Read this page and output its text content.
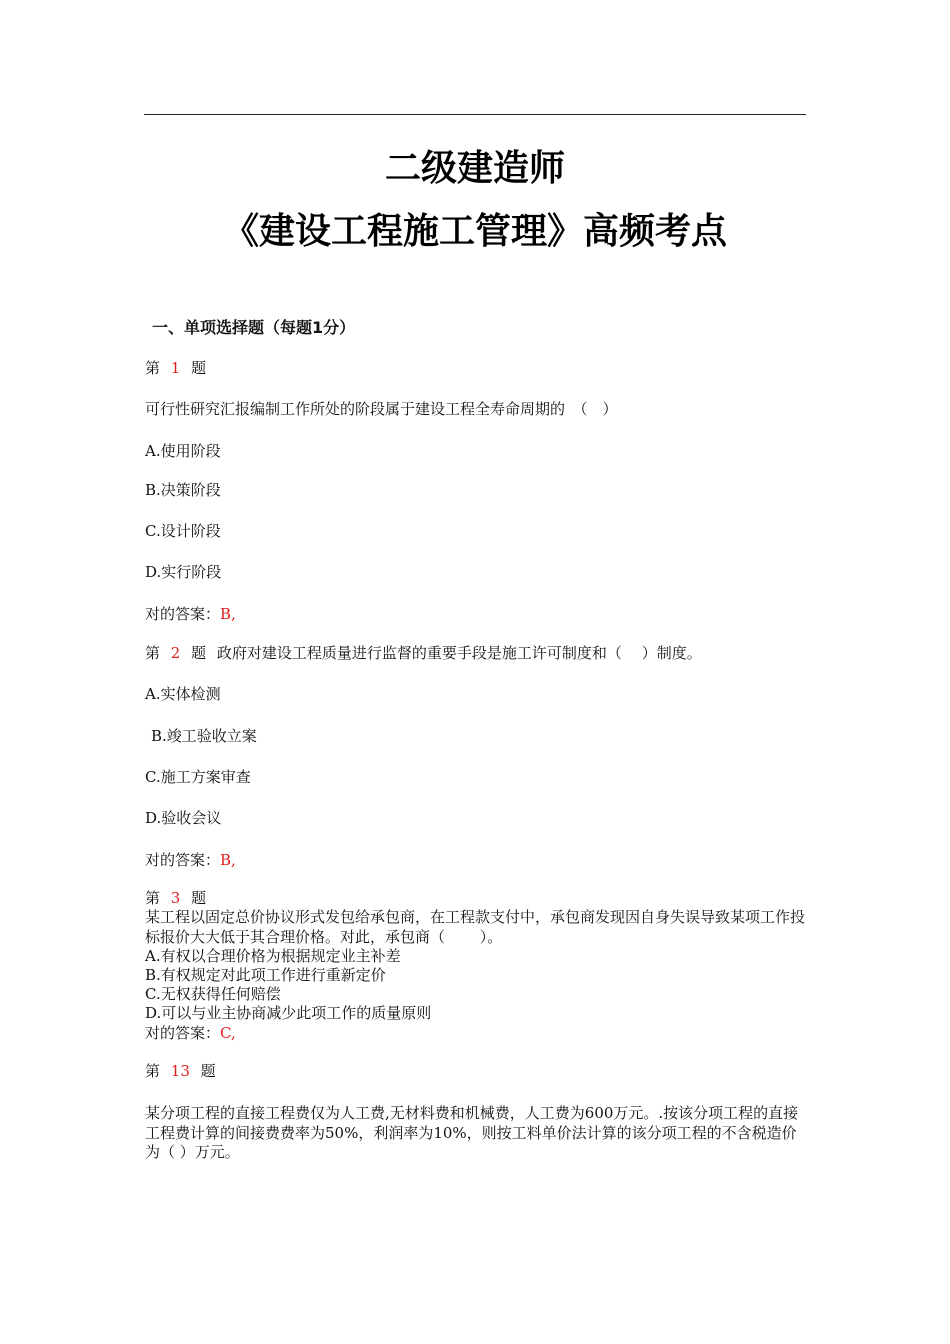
二级建造师
《建设工程施工管理》高频考点
一、单项选择题（每题1分）
第 1 题
可行性研究汇报编制工作所处的阶段属于建设工程全寿命周期的　（　）
A.使用阶段
B.决策阶段
C.设计阶段
D.实行阶段
对的答案：B,
第 2 题 政府对建设工程质量进行监督的重要手段是施工许可制度和（　 ）制度。
A.实体检测
B.竣工验收立案
C.施工方案审查
D.验收会议
对的答案：B,
第 3 题
某工程以固定总价协议形式发包给承包商，在工程款支付中，承包商发现因自身失误导致某项工作投标报价大大低于其合理价格。对此，承包商（　　 ）。
A.有权以合理价格为根据规定业主补差
B.有权规定对此项工作进行重新定价
C.无权获得任何赔偿
D.可以与业主协商减少此项工作的质量原则
对的答案：C,
第 13 题
某分项工程的直接工程费仅为人工费,无材料费和机械费，人工费为600万元。.按该分项工程的直接工程费计算的间接费费率为50%，利润率为10%，则按工料单价法计算的该分项工程的不含税造价为（ ）万元。
